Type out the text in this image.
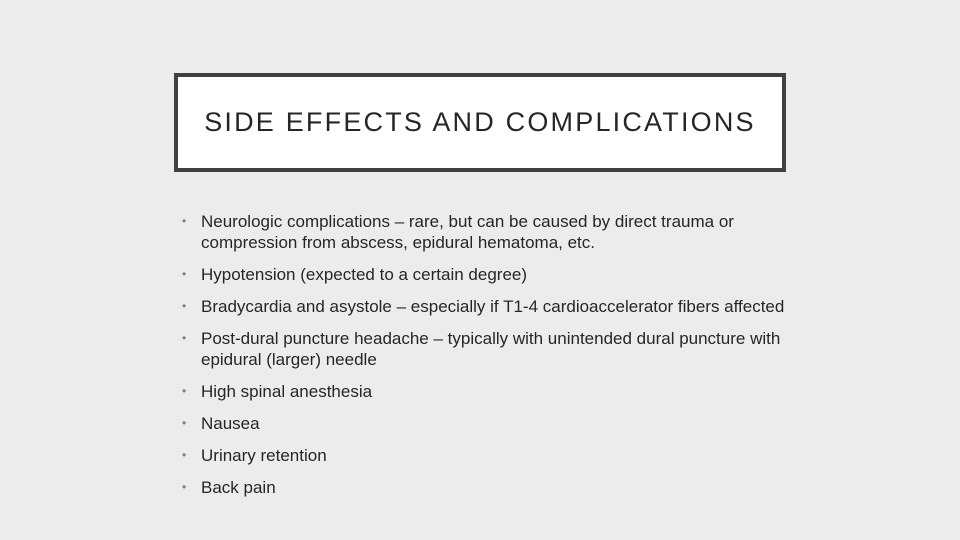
SIDE EFFECTS AND COMPLICATIONS
• Neurologic complications – rare, but can be caused by direct trauma or compression from abscess, epidural hematoma, etc.
• Hypotension (expected to a certain degree)
• Bradycardia and asystole – especially if T1-4 cardioaccelerator fibers affected
• Post-dural puncture headache – typically with unintended dural puncture with epidural (larger) needle
• High spinal anesthesia
• Nausea
• Urinary retention
• Back pain
